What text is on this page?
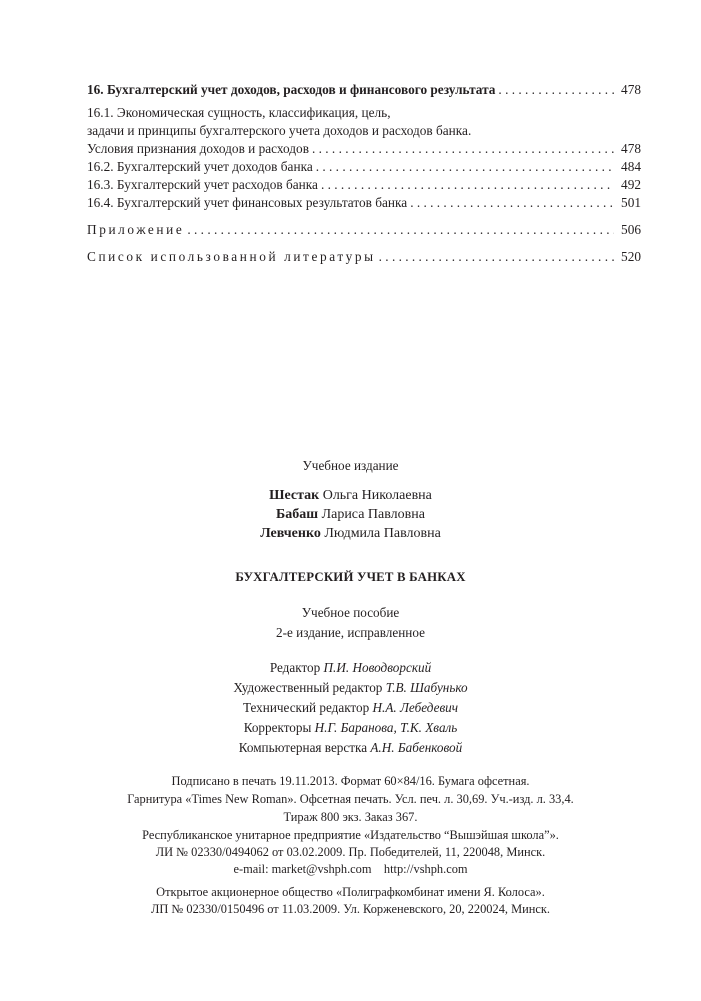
16. Бухгалтерский учет доходов, расходов и финансового результата . . .	478
16.1. Экономическая сущность, классификация, цель,
задачи и принципы бухгалтерского учета доходов и расходов банка.
Условия признания доходов и расходов . . .	478
16.2. Бухгалтерский учет доходов банка . . .	484
16.3. Бухгалтерский учет расходов банка . . .	492
16.4. Бухгалтерский учет финансовых результатов банка . . .	501
Приложение . . .	506
Список использованной литературы . . .	520
Учебное издание
Шестак Ольга Николаевна
Бабаш Лариса Павловна
Левченко Людмила Павловна
БУХГАЛТЕРСКИЙ УЧЕТ В БАНКАХ
Учебное пособие
2-е издание, исправленное
Редактор П.И. Новодворский
Художественный редактор Т.В. Шабунько
Технический редактор Н.А. Лебедевич
Корректоры Н.Г. Баранова, Т.К. Хваль
Компьютерная верстка А.Н. Бабенковой
Подписано в печать 19.11.2013. Формат 60×84/16. Бумага офсетная.
Гарнитура «Times New Roman». Офсетная печать. Усл. печ. л. 30,69. Уч.-изд. л. 33,4.
Тираж 800 экз. Заказ 367.
Республиканское унитарное предприятие «Издательство “Вышэйшая школа”».
ЛИ № 02330/0494062 от 03.02.2009. Пр. Победителей, 11, 220048, Минск.
e-mail: market@vshph.com    http://vshph.com
Открытое акционерное общество «Полиграфкомбинат имени Я. Колоса».
ЛП № 02330/0150496 от 11.03.2009. Ул. Корженевского, 20, 220024, Минск.
